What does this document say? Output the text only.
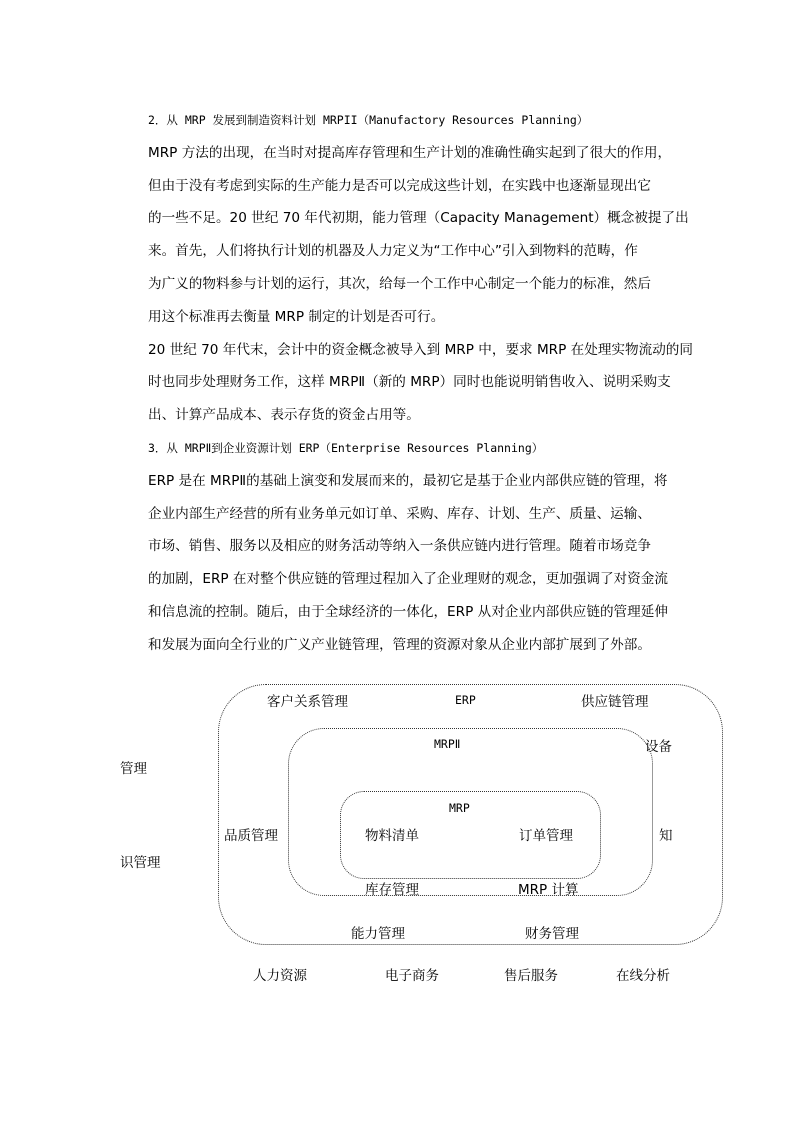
2．从 MRP 发展到制造资料计划 MRPII（Manufactory Resources Planning）
MRP 方法的出现，在当时对提高库存管理和生产计划的准确性确实起到了很大的作用，
但由于没有考虑到实际的生产能力是否可以完成这些计划，在实践中也逐渐显现出它
的一些不足。20 世纪 70 年代初期，能力管理（Capacity Management）概念被提了出
来。首先，人们将执行计划的机器及人力定义为“工作中心”引入到物料的范畴，作
为广义的物料参与计划的运行，其次，给每一个工作中心制定一个能力的标准，然后
用这个标准再去衡量 MRP 制定的计划是否可行。
20 世纪 70 年代末，会计中的资金概念被导入到 MRP 中，要求 MRP 在处理实物流动的同
时也同步处理财务工作，这样 MRPⅡ（新的 MRP）同时也能说明销售收入、说明采购支
出、计算产品成本、表示存货的资金占用等。
3．从 MRPⅡ到企业资源计划 ERP（Enterprise Resources Planning）
ERP 是在 MRPⅡ的基础上演变和发展而来的，最初它是基于企业内部供应链的管理，将
企业内部生产经营的所有业务单元如订单、采购、库存、计划、生产、质量、运输、
市场、销售、服务以及相应的财务活动等纳入一条供应链内进行管理。随着市场竞争
的加剧，ERP 在对整个供应链的管理过程加入了企业理财的观念，更加强调了对资金流
和信息流的控制。随后，由于全球经济的一体化，ERP 从对企业内部供应链的管理延伸
和发展为面向全行业的广义产业链管理，管理的资源对象从企业内部扩展到了外部。
客户关系管理	ERP	供应链管理
品质管理
能力管理	财务管理
MRPⅡ
库存管理	MRP 计算
MRP
物料清单	订单管理
设备
管理
知
识管理
人力资源	电子商务	售后服务	在线分析
